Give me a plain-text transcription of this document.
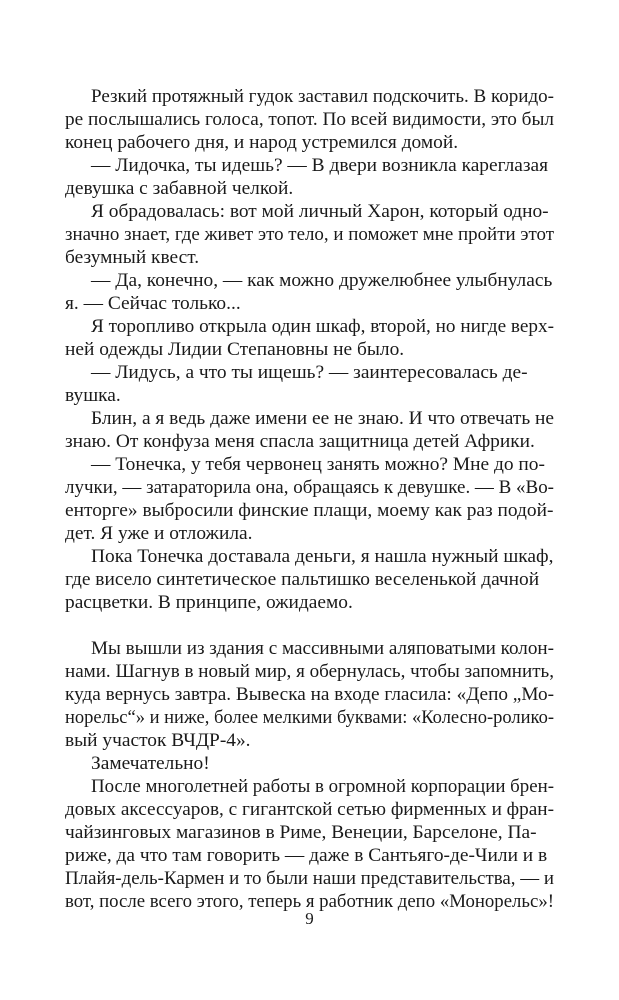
Резкий протяжный гудок заставил подскочить. В коридо-
ре послышались голоса, топот. По всей видимости, это был
конец рабочего дня, и народ устремился домой.
— Лидочка, ты идешь? — В двери возникла кареглазая
девушка с забавной челкой.
Я обрадовалась: вот мой личный Харон, который одно-
значно знает, где живет это тело, и поможет мне пройти этот
безумный квест.
— Да, конечно, — как можно дружелюбнее улыбнулась
я. — Сейчас только...
Я торопливо открыла один шкаф, второй, но нигде верх-
ней одежды Лидии Степановны не было.
— Лидусь, а что ты ищешь? — заинтересовалась де-
вушка.
Блин, а я ведь даже имени ее не знаю. И что отвечать не
знаю. От конфуза меня спасла защитница детей Африки.
— Тонечка, у тебя червонец занять можно? Мне до по-
лучки, — затараторила она, обращаясь к девушке. — В «Во-
енторге» выбросили финские плащи, моему как раз подой-
дет. Я уже и отложила.
Пока Тонечка доставала деньги, я нашла нужный шкаф,
где висело синтетическое пальтишко веселенькой дачной
расцветки. В принципе, ожидаемо.
Мы вышли из здания с массивными аляповатыми колон-
нами. Шагнув в новый мир, я обернулась, чтобы запомнить,
куда вернусь завтра. Вывеска на входе гласила: «Депо „Мо-
норельс“» и ниже, более мелкими буквами: «Колесно-ролико-
вый участок ВЧДР-4».
Замечательно!
После многолетней работы в огромной корпорации брен-
довых аксессуаров, с гигантской сетью фирменных и фран-
чайзинговых магазинов в Риме, Венеции, Барселоне, Па-
риже, да что там говорить — даже в Сантьяго-де-Чили и в
Плайя-дель-Кармен и то были наши представительства, — и
вот, после всего этого, теперь я работник депо «Монорельс»!
9
